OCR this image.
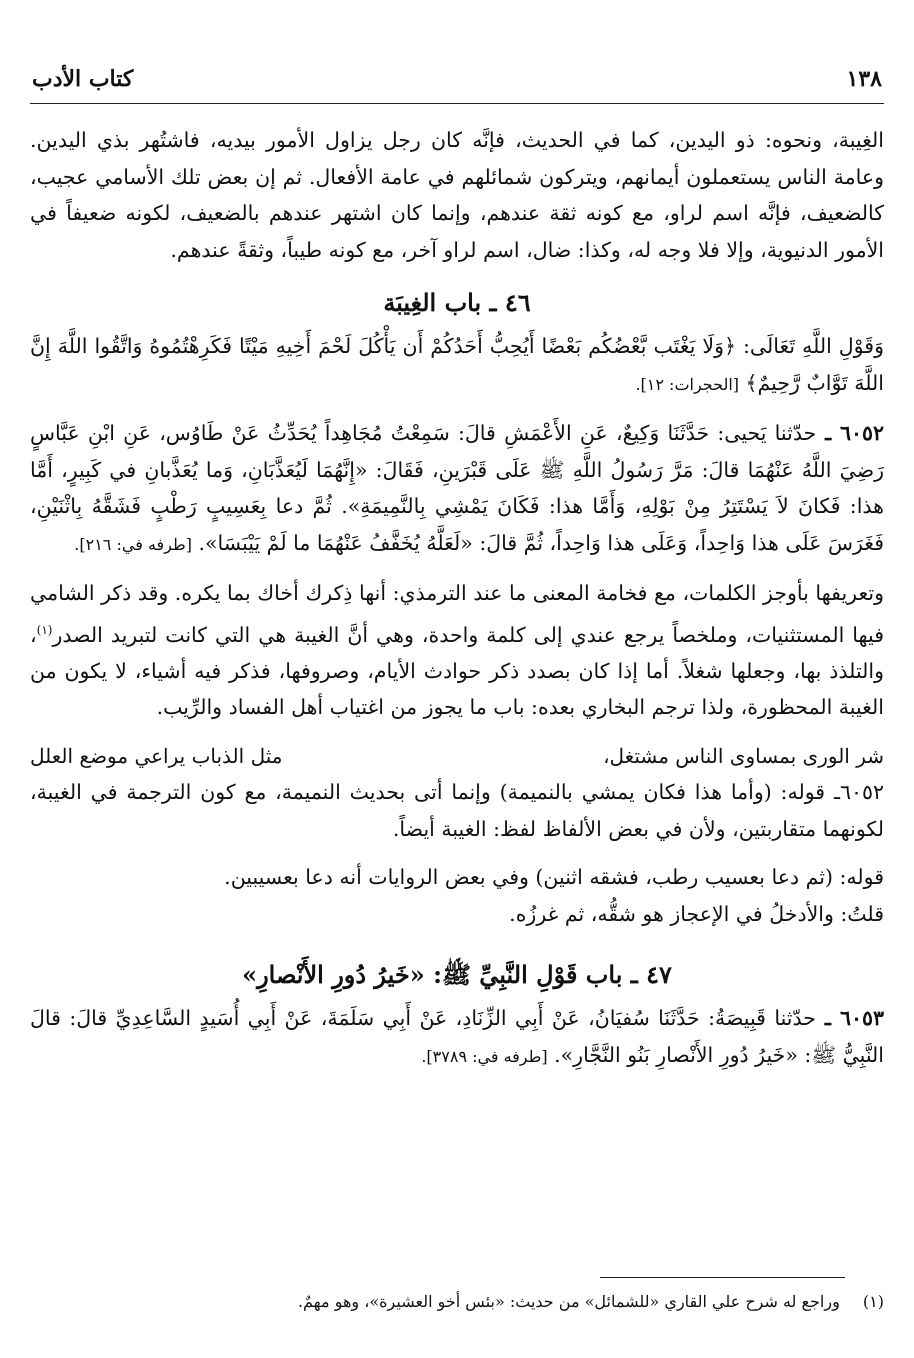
١٣٨
كتاب الأدب

الغِيبة، ونحوه: ذو اليدين، كما في الحديث، فإنَّه كان رجل يزاول الأمور بيديه، فاشتُهر بذي اليدين. وعامة الناس يستعملون أيمانهم، ويتركون شمائلهم في عامة الأفعال. ثم إن بعض تلك الأسامي عجيب، كالضعيف، فإنَّه اسم لراو، مع كونه ثقة عندهم، وإنما كان اشتهر عندهم بالضعيف، لكونه ضعيفاً في الأمور الدنيوية، وإلا فلا وجه له، وكذا: ضال، اسم لراو آخر، مع كونه طيباً، وثقةً عندهم.

٤٦ ـ باب الغِيبَة

وَقَوْلِ اللَّهِ تَعَالَى: ﴿وَلَا يَغْتَب بَّعْضُكُم بَعْضًا أَيُحِبُّ أَحَدُكُمْ أَن يَأْكُلَ لَحْمَ أَخِيهِ مَيْتًا فَكَرِهْتُمُوهُ وَاتَّقُوا اللَّهَ إِنَّ اللَّهَ تَوَّابٌ رَّحِيمٌ﴾ [الحجرات: ١٢].

٦٠٥٢ ـ حدّثنا يَحيى: حَدَّثَنَا وَكِيعٌ، عَنِ الأَعْمَشِ قالَ: سَمِعْتُ مُجَاهِداً يُحَدِّثُ عَنْ طَاوُس، عَنِ ابْنِ عَبَّاسٍ رَضِيَ اللَّهُ عَنْهُمَا قالَ: مَرَّ رَسُولُ اللَّهِ ﷺ عَلَى قَبْرَينِ، فَقَالَ: «إِنَّهُمَا لَيُعَذَّبَانِ، وَما يُعَذَّبانِ في كَبِيرٍ، أَمَّا هذا: فَكانَ لاَ يَسْتَتِرُ مِنْ بَوْلِهِ، وَأَمَّا هذا: فَكَانَ يَمْشِي بِالنَّمِيمَةِ». ثُمَّ دعا بِعَسِيبٍ رَطْبٍ فَشَقَّهُ بِاثْنَيْنِ، فَغَرَسَ عَلَى هذا وَاحِداً، وَعَلَى هذا وَاحِداً، ثُمَّ قالَ: «لَعَلَّهُ يُخَفَّفُ عَنْهُمَا ما لَمْ يَيْبَسَا». [طرفه في: ٢١٦].

وتعريفها بأوجز الكلمات، مع فخامة المعنى ما عند الترمذي: أنها ذِكرك أخاك بما يكره. وقد ذكر الشامي فيها المستثنيات، وملخصاً يرجع عندي إلى كلمة واحدة، وهي أنَّ الغيبة هي التي كانت لتبريد الصدر$^{(١)}$، والتلذذ بها، وجعلها شغلاً. أما إذا كان بصدد ذكر حوادث الأيام، وصروفها، فذكر فيه أشياء، لا يكون من الغيبة المحظورة، ولذا ترجم البخاري بعده: باب ما يجوز من اغتياب أهل الفساد والرِّيب.

شر الورى بمساوى الناس مشتغل،
مثل الذباب يراعي موضع العلل

٦٠٥٢ـ قوله: (وأما هذا فكان يمشي بالنميمة) وإنما أتى بحديث النميمة، مع كون الترجمة في الغيبة، لكونهما متقاربتين، ولأن في بعض الألفاظ لفظ: الغيبة أيضاً.

قوله: (ثم دعا بعسيب رطب، فشقه اثنين) وفي بعض الروايات أنه دعا بعسيبين.

قلتُ: والأدخلُ في الإعجاز هو شقُّه، ثم غرزُه.

٤٧ ـ باب قَوْلِ النَّبِيِّ ﷺ: «خَيرُ دُورِ الأَنْصارِ»

٦٠٥٣ ـ حدّثنا قَبِيصَةُ: حَدَّثَنَا سُفيَانُ، عَنْ أَبِي الزِّنَادِ، عَنْ أَبِي سَلَمَةَ، عَنْ أَبِي أُسَيدٍ السَّاعِدِيِّ قالَ: قالَ النَّبِيُّ ﷺ: «خَيرُ دُورِ الأَنْصارِ بَنُو النَّجَّارِ». [طرفه في: ٣٧٨٩].

(١) وراجع له شرح علي القاري «للشمائل» من حديث: «بئس أخو العشيرة»، وهو مهمٌ.
